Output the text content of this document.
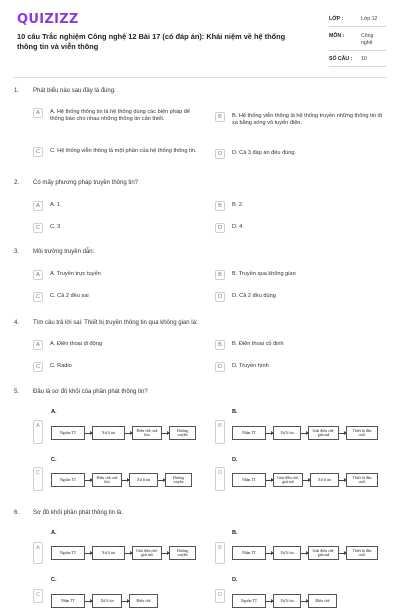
QUIZIZZ
10 câu Trắc nghiệm Công nghệ 12 Bài 17 (có đáp án): Khái niệm về hệ thống thông tin và viễn thông
LỚP :	Lớp 12
MÔN :	Công nghệ
SỐ CÂU : 10
1. Phát biểu nào sau đây là đúng:
A	A. Hệ thống thông tin là hệ thống dùng các biện pháp để thông báo cho nhau những thông tin cần thiết.	B	B. Hệ thống viễn thông là hệ thống truyền những thông tin đi xa bằng sóng vô tuyến điện.
C	C. Hệ thống viễn thông là một phần của hệ thống thông tin.	D	D. Cả 3 đáp án đều đúng.
2. Có mấy phương pháp truyền thông tin?
A	A. 1	B	B. 2
C	C. 3	D	D. 4
3. Môi trường truyền dẫn:
A	A. Truyền trực tuyến	B	B. Truyền qua không gian
C	C. Cả 2 đều sai	D	D. Cả 2 đều đúng
4. Tìm câu trả lời sai: Thiết bị truyền thông tin qua không gian là:
A	A. Điện thoại di động	B	B. Điện thoại cố định
C	C. Radio	D	D. Truyền hình
5. Đâu là sơ đồ khối của phần phát thông tin?
A.
A
Nguồn TT	Xử lí tin
Điều chế, mã hóa
Đường truyền
B.
B
Nhận TT	Xử lí tin
Giải điều chế, giải mã
Thiết bị đầu cuối
C.
C
Nguồn TT
Điều chế, mã hóa
Xử lí tin
Đường truyền
D.
D
Nhận TT
Giải điều chế, giải mã
Xử lí tin
Thiết bị đầu cuối
6. Sơ đồ khối phần phát thông tin là:
A.
A
Nguồn TT	Xử lí tin
Giải điều chế, giải mã
Đường truyền
B.
B
Nhận TT	Xử lí tin
Giải điều chế, giải mã
Thiết bị đầu cuối
C.
C
Nhận TT	Xử lí tin	Điều chế
D.
D
Nguồn TT	Xử lí tin	Điều chế
